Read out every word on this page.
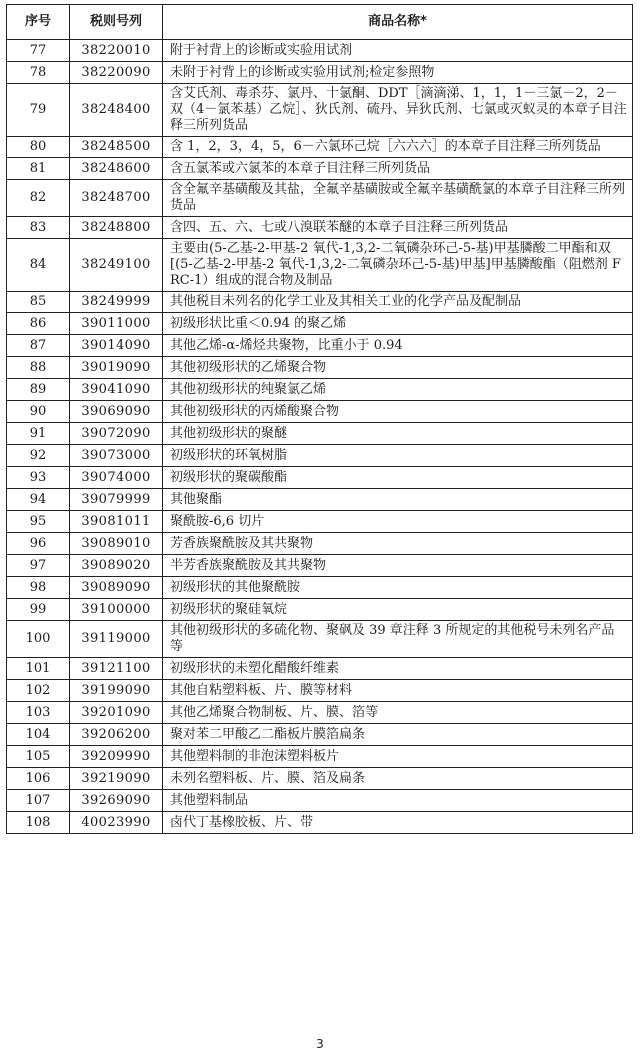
序号	税则号列	商品名称*
77	38220010	附于衬背上的诊断或实验用试剂
78	38220090	未附于衬背上的诊断或实验用试剂;检定参照物
79	38248400	含艾氏剂、毒杀芬、氯丹、十氯酮、DDT［滴滴涕、1，1，1－三氯－2，2－双（4－氯苯基）乙烷］、狄氏剂、硫丹、异狄氏剂、七氯或灭蚁灵的本章子目注释三所列货品
80	38248500	含 1，2，3，4，5，6－六氯环己烷［六六六］的本章子目注释三所列货品
81	38248600	含五氯苯或六氯苯的本章子目注释三所列货品
82	38248700	含全氟辛基磺酸及其盐，全氟辛基磺胺或全氟辛基磺酰氯的本章子目注释三所列货品
83	38248800	含四、五、六、七或八溴联苯醚的本章子目注释三所列货品
84	38249100	主要由(5-乙基-2-甲基-2 氧代-1,3,2-二氧磷杂环己-5-基)甲基膦酸二甲酯和双[(5-乙基-2-甲基-2 氧代-1,3,2-二氧磷杂环己-5-基)甲基]甲基膦酸酯（阻燃剂 FRC-1）组成的混合物及制品
85	38249999	其他税目未列名的化学工业及其相关工业的化学产品及配制品
86	39011000	初级形状比重＜0.94 的聚乙烯
87	39014090	其他乙烯-α-烯烃共聚物，比重小于 0.94
88	39019090	其他初级形状的乙烯聚合物
89	39041090	其他初级形状的纯聚氯乙烯
90	39069090	其他初级形状的丙烯酸聚合物
91	39072090	其他初级形状的聚醚
92	39073000	初级形状的环氧树脂
93	39074000	初级形状的聚碳酸酯
94	39079999	其他聚酯
95	39081011	聚酰胺-6,6 切片
96	39089010	芳香族聚酰胺及其共聚物
97	39089020	半芳香族聚酰胺及其共聚物
98	39089090	初级形状的其他聚酰胺
99	39100000	初级形状的聚硅氧烷
100	39119000	其他初级形状的多硫化物、聚砜及 39 章注释 3 所规定的其他税号未列名产品等
101	39121100	初级形状的未塑化醋酸纤维素
102	39199090	其他自粘塑料板、片、膜等材料
103	39201090	其他乙烯聚合物制板、片、膜、箔等
104	39206200	聚对苯二甲酸乙二酯板片膜箔扁条
105	39209990	其他塑料制的非泡沫塑料板片
106	39219090	未列名塑料板、片、膜、箔及扁条
107	39269090	其他塑料制品
108	40023990	卤代丁基橡胶板、片、带
3
